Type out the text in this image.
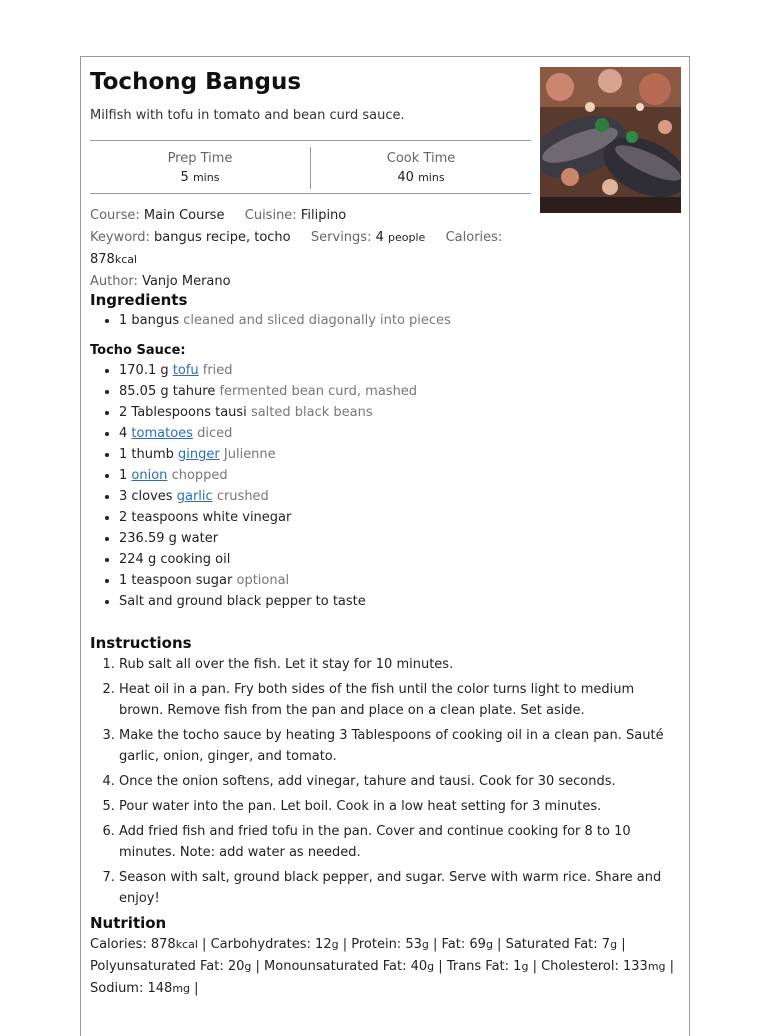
Tochong Bangus
Milfish with tofu in tomato and bean curd sauce.
Prep Time
5 mins
Cook Time
40 mins
Course: Main Course Cuisine: Filipino
Keyword: bangus recipe, tocho Servings: 4 people Calories: 878kcal
Author: Vanjo Merano
Ingredients
• 1 bangus cleaned and sliced diagonally into pieces
Tocho Sauce:
• 170.1 g tofu fried
• 85.05 g tahure fermented bean curd, mashed
• 2 Tablespoons tausi salted black beans
• 4 tomatoes diced
• 1 thumb ginger Julienne
• 1 onion chopped
• 3 cloves garlic crushed
• 2 teaspoons white vinegar
• 236.59 g water
• 224 g cooking oil
• 1 teaspoon sugar optional
• Salt and ground black pepper to taste
Instructions
1. Rub salt all over the fish. Let it stay for 10 minutes.
2. Heat oil in a pan. Fry both sides of the fish until the color turns light to medium brown. Remove fish from the pan and place on a clean plate. Set aside.
3. Make the tocho sauce by heating 3 Tablespoons of cooking oil in a clean pan. Sauté garlic, onion, ginger, and tomato.
4. Once the onion softens, add vinegar, tahure and tausi. Cook for 30 seconds.
5. Pour water into the pan. Let boil. Cook in a low heat setting for 3 minutes.
6. Add fried fish and fried tofu in the pan. Cover and continue cooking for 8 to 10 minutes. Note: add water as needed.
7. Season with salt, ground black pepper, and sugar. Serve with warm rice. Share and enjoy!
Nutrition
Calories: 878kcal | Carbohydrates: 12g | Protein: 53g | Fat: 69g | Saturated Fat: 7g | Polyunsaturated Fat: 20g | Monounsaturated Fat: 40g | Trans Fat: 1g | Cholesterol: 133mg | Sodium: 148mg |
